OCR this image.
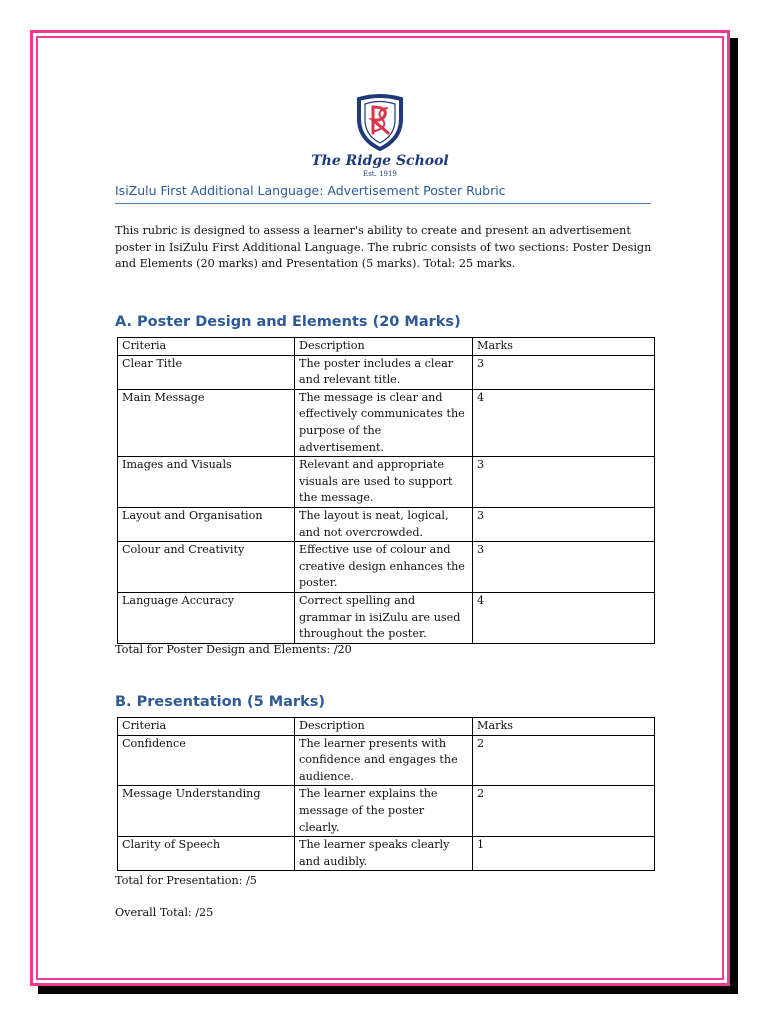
The Ridge School
Est. 1919
IsiZulu First Additional Language: Advertisement Poster Rubric
This rubric is designed to assess a learner's ability to create and present an advertisement poster in IsiZulu First Additional Language. The rubric consists of two sections: Poster Design and Elements (20 marks) and Presentation (5 marks). Total: 25 marks.
A. Poster Design and Elements (20 Marks)
Criteria	Description	Marks
Clear Title	The poster includes a clear and relevant title.	3
Main Message	The message is clear and effectively communicates the purpose of the advertisement.	4
Images and Visuals	Relevant and appropriate visuals are used to support the message.	3
Layout and Organisation	The layout is neat, logical, and not overcrowded.	3
Colour and Creativity	Effective use of colour and creative design enhances the poster.	3
Language Accuracy	Correct spelling and grammar in isiZulu are used throughout the poster.	4
Total for Poster Design and Elements: /20
B. Presentation (5 Marks)
Criteria	Description	Marks
Confidence	The learner presents with confidence and engages the audience.	2
Message Understanding	The learner explains the message of the poster clearly.	2
Clarity of Speech	The learner speaks clearly and audibly.	1
Total for Presentation: /5
Overall Total: /25
